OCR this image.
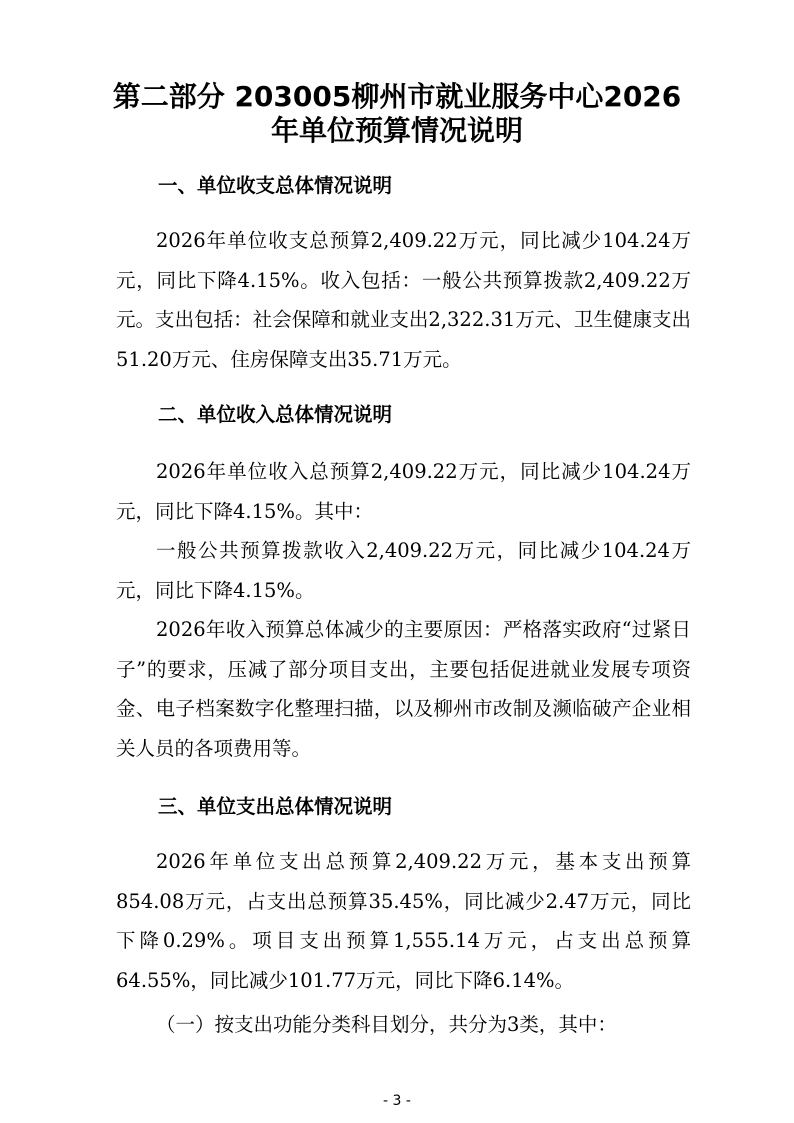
第二部分 203005柳州市就业服务中心2026
年单位预算情况说明
一、单位收支总体情况说明

2026年单位收支总预算2,409.22万元，同比减少104.24万元，同比下降4.15%。收入包括：一般公共预算拨款2,409.22万元。支出包括：社会保障和就业支出2,322.31万元、卫生健康支出51.20万元、住房保障支出35.71万元。

二、单位收入总体情况说明

2026年单位收入总预算2,409.22万元，同比减少104.24万元，同比下降4.15%。其中：

一般公共预算拨款收入2,409.22万元，同比减少104.24万元，同比下降4.15%。

2026年收入预算总体减少的主要原因：严格落实政府“过紧日子”的要求，压减了部分项目支出，主要包括促进就业发展专项资金、电子档案数字化整理扫描，以及柳州市改制及濒临破产企业相关人员的各项费用等。

三、单位支出总体情况说明

2026年单位支出总预算2,409.22万元，基本支出预算854.08万元，占支出总预算35.45%，同比减少2.47万元，同比下降0.29%。项目支出预算1,555.14万元，占支出总预算64.55%，同比减少101.77万元，同比下降6.14%。

（一）按支出功能分类科目划分，共分为3类，其中：

- 3 -
